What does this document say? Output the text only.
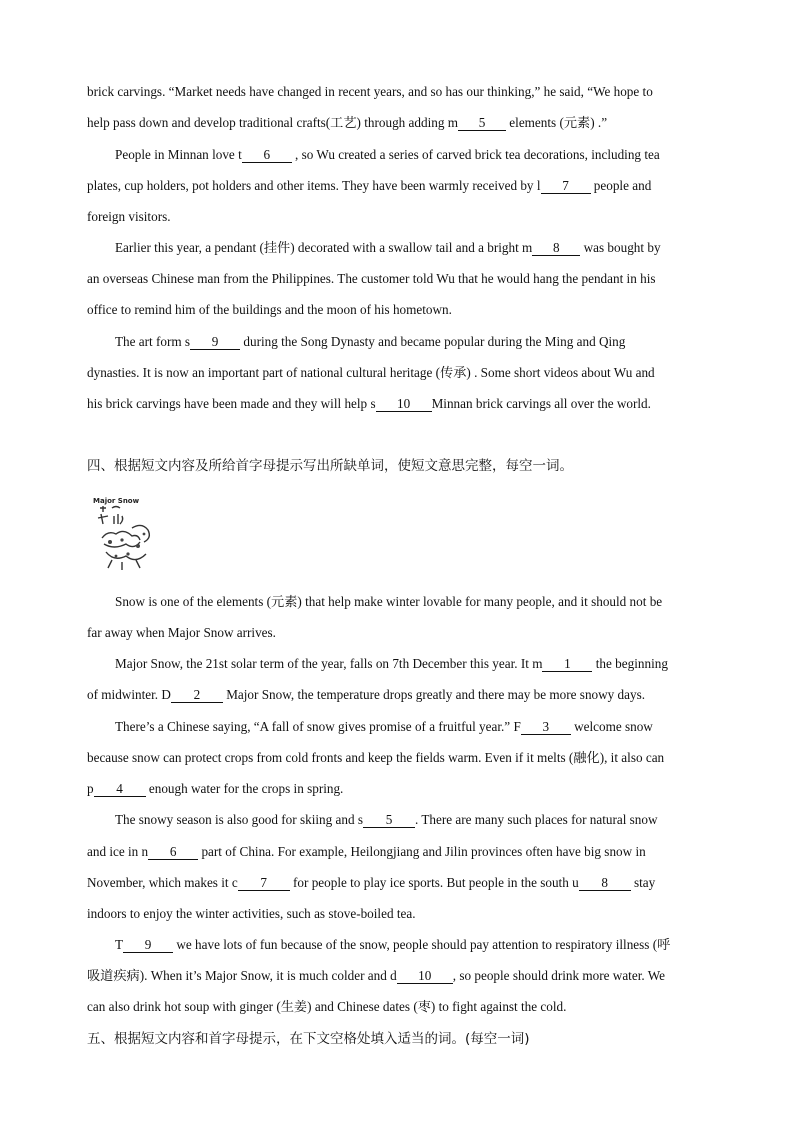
brick carvings. “Market needs have changed in recent years, and so has our thinking,” he said, “We hope to
help pass down and develop traditional crafts(工艺) through adding m 5 elements (元素) .”
People in Minnan love t 6 , so Wu created a series of carved brick tea decorations, including tea
plates, cup holders, pot holders and other items. They have been warmly received by l 7 people and
foreign visitors.
Earlier this year, a pendant (挂件) decorated with a swallow tail and a bright m 8 was bought by
an overseas Chinese man from the Philippines. The customer told Wu that he would hang the pendant in his
office to remind him of the buildings and the moon of his hometown.
The art form s 9 during the Song Dynasty and became popular during the Ming and Qing
dynasties. It is now an important part of national cultural heritage (传承) . Some short videos about Wu and
his brick carvings have been made and they will help s 10 Minnan brick carvings all over the world.
四、根据短文内容及所给首字母提示写出所缺单词，使短文意思完整，每空一词。
Major Snow
Snow is one of the elements (元素) that help make winter lovable for many people, and it should not be
far away when Major Snow arrives.
Major Snow, the 21st solar term of the year, falls on 7th December this year. It m 1 the beginning
of midwinter. D 2 Major Snow, the temperature drops greatly and there may be more snowy days.
There’s a Chinese saying, “A fall of snow gives promise of a fruitful year.” F 3 welcome snow
because snow can protect crops from cold fronts and keep the fields warm. Even if it melts (融化), it also can
p 4 enough water for the crops in spring.
The snowy season is also good for skiing and s 5 . There are many such places for natural snow
and ice in n 6 part of China. For example, Heilongjiang and Jilin provinces often have big snow in
November, which makes it c 7 for people to play ice sports. But people in the south u 8 stay
indoors to enjoy the winter activities, such as stove-boiled tea.
T 9 we have lots of fun because of the snow, people should pay attention to respiratory illness (呼
吸道疾病). When it’s Major Snow, it is much colder and d 10 , so people should drink more water. We
can also drink hot soup with ginger (生姜) and Chinese dates (枣) to fight against the cold.
五、根据短文内容和首字母提示，在下文空格处填入适当的词。(每空一词)
